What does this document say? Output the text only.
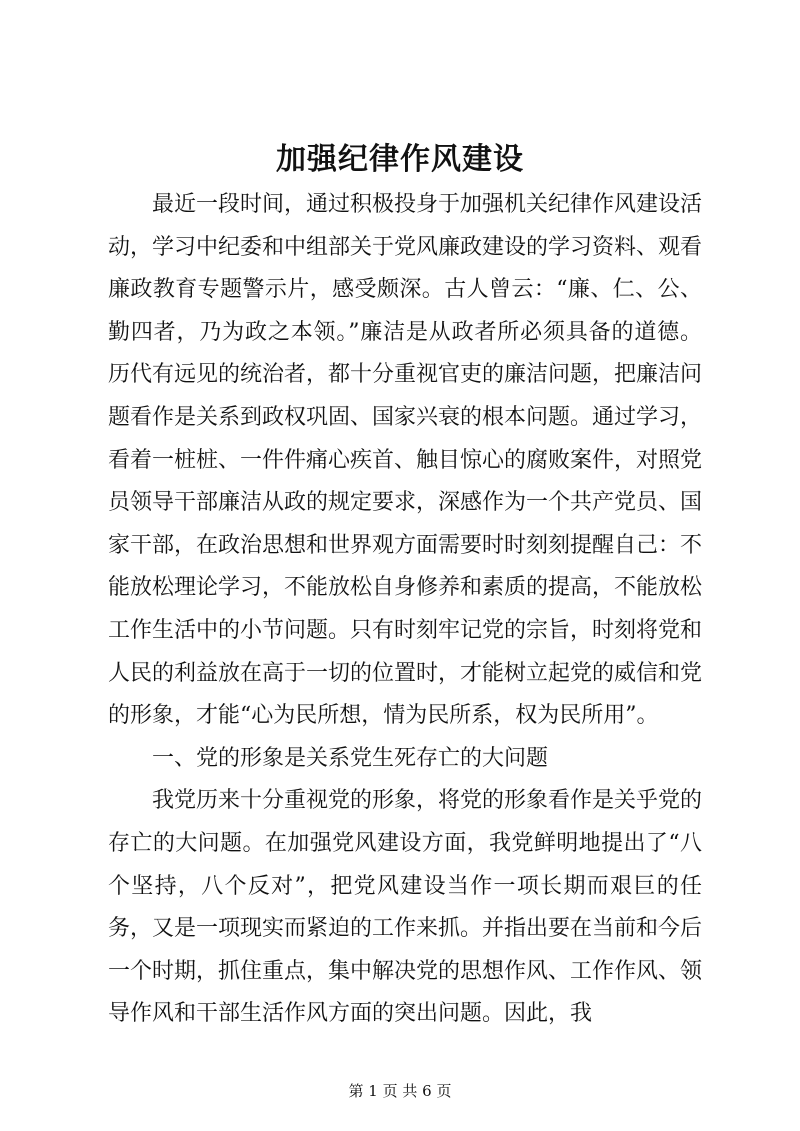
加强纪律作风建设

最近一段时间，通过积极投身于加强机关纪律作风建设活动，学习中纪委和中组部关于党风廉政建设的学习资料、观看廉政教育专题警示片，感受颇深。古人曾云：“廉、仁、公、勤四者，乃为政之本领。”廉洁是从政者所必须具备的道德。历代有远见的统治者，都十分重视官吏的廉洁问题，把廉洁问题看作是关系到政权巩固、国家兴衰的根本问题。通过学习，看着一桩桩、一件件痛心疾首、触目惊心的腐败案件，对照党员领导干部廉洁从政的规定要求，深感作为一个共产党员、国家干部，在政治思想和世界观方面需要时时刻刻提醒自己：不能放松理论学习，不能放松自身修养和素质的提高，不能放松工作生活中的小节问题。只有时刻牢记党的宗旨，时刻将党和人民的利益放在高于一切的位置时，才能树立起党的威信和党的形象，才能“心为民所想，情为民所系，权为民所用”。

一、党的形象是关系党生死存亡的大问题

我党历来十分重视党的形象，将党的形象看作是关乎党的存亡的大问题。在加强党风建设方面，我党鲜明地提出了“八个坚持，八个反对”，把党风建设当作一项长期而艰巨的任务，又是一项现实而紧迫的工作来抓。并指出要在当前和今后一个时期，抓住重点，集中解决党的思想作风、工作作风、领导作风和干部生活作风方面的突出问题。因此，我

第 1 页 共 6 页
